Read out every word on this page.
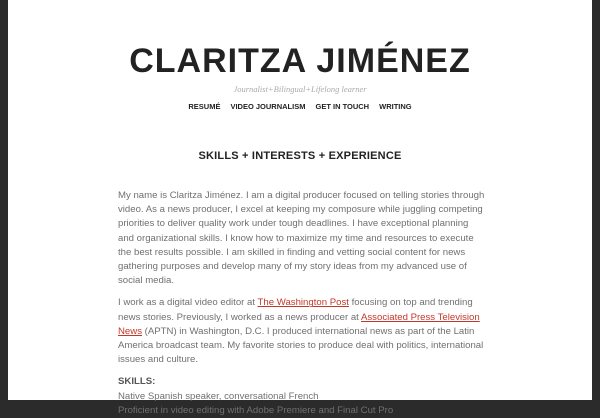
CLARITZA JIMÉNEZ

Journalist+Bilingual+Lifelong learner

RESUMÉ VIDEO JOURNALISM GET IN TOUCH WRITING
SKILLS + INTERESTS + EXPERIENCE

My name is Claritza Jiménez. I am a digital producer focused on telling stories through video. As a news producer, I excel at keeping my composure while juggling competing priorities to deliver quality work under tough deadlines. I have exceptional planning and organizational skills. I know how to maximize my time and resources to execute the best results possible. I am skilled in finding and vetting social content for news gathering purposes and develop many of my story ideas from my advanced use of social media.

I work as a digital video editor at The Washington Post focusing on top and trending news stories. Previously, I worked as a news producer at Associated Press Television News (APTN) in Washington, D.C. I produced international news as part of the Latin America broadcast team. My favorite stories to produce deal with politics, international issues and culture.

SKILLS:
Native Spanish speaker, conversational French
Proficient in video editing with Adobe Premiere and Final Cut Pro
